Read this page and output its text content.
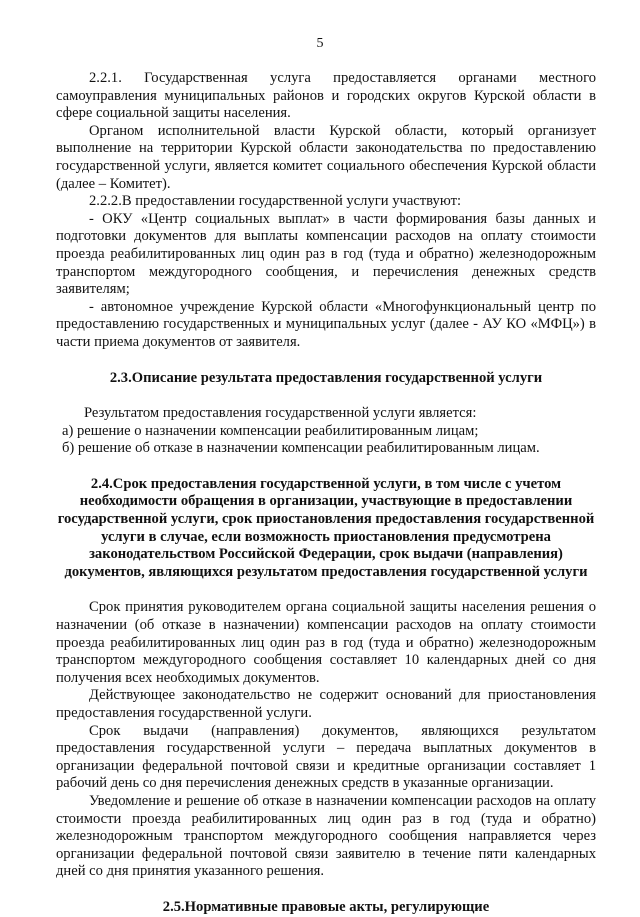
5

2.2.1. Государственная услуга предоставляется органами местного самоуправления муниципальных районов и городских округов Курской области в сфере социальной защиты населения.

Органом исполнительной власти Курской области, который организует выполнение на территории Курской области законодательства по предоставлению государственной услуги, является комитет социального обеспечения Курской области (далее – Комитет).

2.2.2.В предоставлении государственной услуги участвуют:

- ОКУ «Центр социальных выплат» в части формирования базы данных и подготовки документов для выплаты компенсации расходов на оплату стоимости проезда реабилитированных лиц один раз в год (туда и обратно) железнодорожным транспортом междугородного сообщения, и перечисления денежных средств заявителям;

- автономное учреждение Курской области «Многофункциональный центр по предоставлению государственных и муниципальных услуг (далее - АУ КО «МФЦ») в части приема документов от заявителя.

2.3.Описание результата предоставления государственной услуги

Результатом предоставления государственной услуги является:

а) решение о назначении компенсации реабилитированным лицам;

б) решение об отказе в назначении компенсации реабилитированным лицам.

2.4.Срок предоставления государственной услуги, в том числе с учетом необходимости обращения в организации, участвующие в предоставлении государственной услуги, срок приостановления предоставления государственной услуги в случае, если возможность приостановления предусмотрена законодательством Российской Федерации, срок выдачи (направления) документов, являющихся результатом предоставления государственной услуги

Срок принятия руководителем органа социальной защиты населения решения о назначении (об отказе в назначении) компенсации расходов на оплату стоимости проезда реабилитированных лиц один раз в год (туда и обратно) железнодорожным транспортом междугородного сообщения составляет 10 календарных дней со дня получения всех необходимых документов.

Действующее законодательство не содержит оснований для приостановления предоставления государственной услуги.

Срок выдачи (направления) документов, являющихся результатом предоставления государственной услуги – передача выплатных документов в организации федеральной почтовой связи и кредитные организации составляет 1 рабочий день со дня перечисления денежных средств в указанные организации.

Уведомление и решение об отказе в назначении компенсации расходов на оплату стоимости проезда реабилитированных лиц один раз в год (туда и обратно) железнодорожным транспортом междугородного сообщения направляется через организации федеральной почтовой связи заявителю в течение пяти календарных дней со дня принятия указанного решения.

2.5.Нормативные правовые акты, регулирующие
